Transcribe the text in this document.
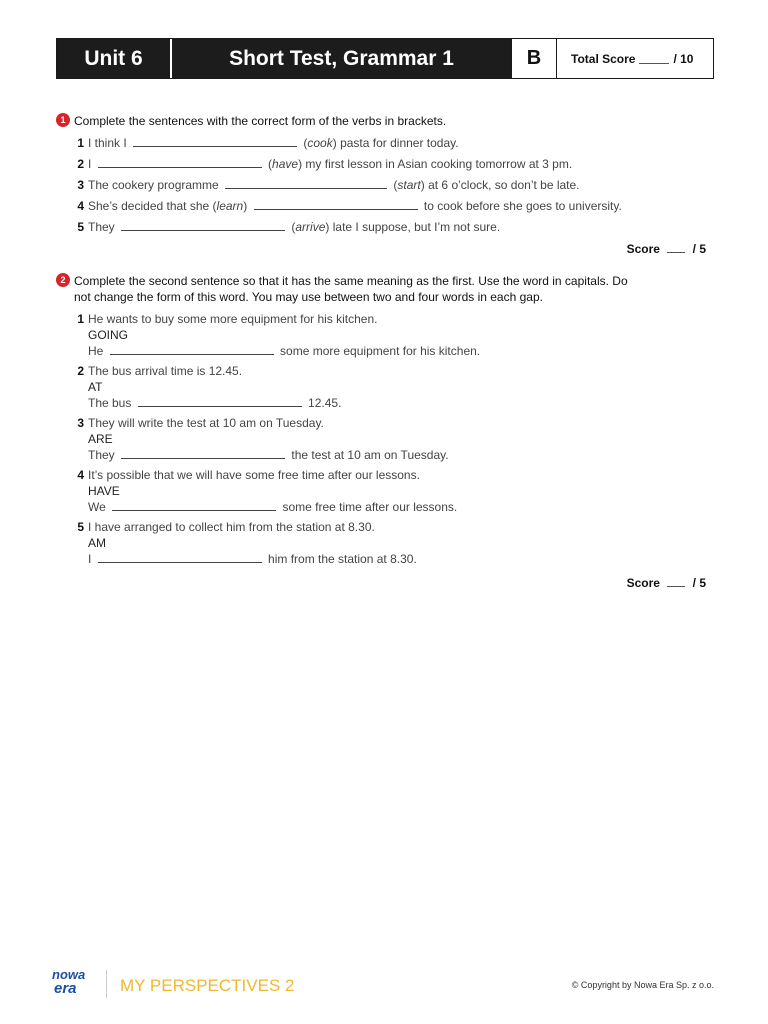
Unit 6	Short Test, Grammar 1	B	Total Score	/ 10
1 Complete the sentences with the correct form of the verbs in brackets.
1 I think I	(cook) pasta for dinner today.
2 I	(have) my first lesson in Asian cooking tomorrow at 3 pm.
3 The cookery programme	(start) at 6 o’clock, so don’t be late.
4 She’s decided that she (learn)	to cook before she goes to university.
5 They	(arrive) late I suppose, but I’m not sure.
Score	/ 5
2 Complete the second sentence so that it has the same meaning as the first. Use the word in capitals. Do not change the form of this word. You may use between two and four words in each gap.
1 He wants to buy some more equipment for his kitchen.
GOING
He	some more equipment for his kitchen.
2 The bus arrival time is 12.45.
AT
The bus	12.45.
3 They will write the test at 10 am on Tuesday.
ARE
They	the test at 10 am on Tuesday.
4 It’s possible that we will have some free time after our lessons.
HAVE
We	some free time after our lessons.
5 I have arranged to collect him from the station at 8.30.
AM
I	him from the station at 8.30.
Score	/ 5
nowa
era	MY PERSPECTIVES 2	© Copyright by Nowa Era Sp. z o.o.
